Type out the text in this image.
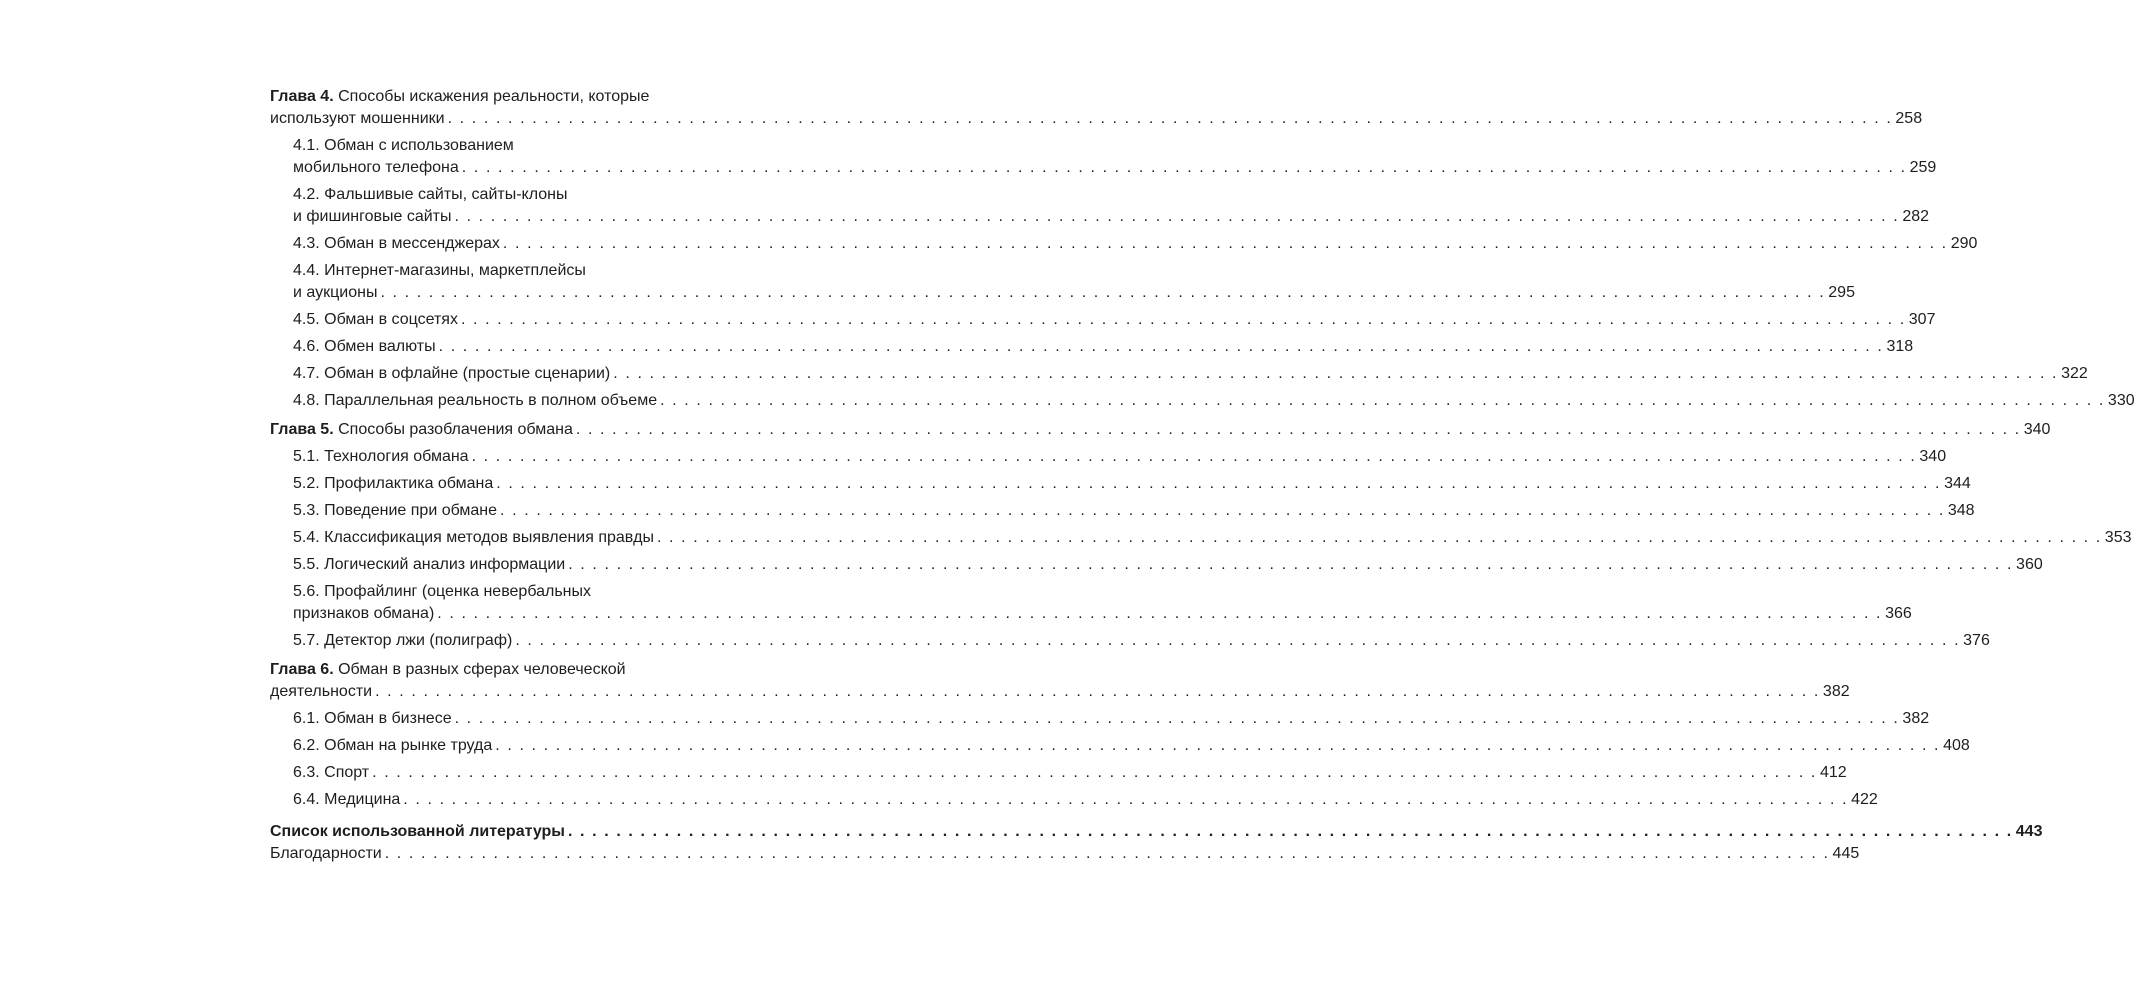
Глава 4. Способы искажения реальности, которые
используют мошенники . . . . . . . . . . . . . . . . . . . . . . . . . . . . . . . . . . . . . . . . . . . . . . . . . . . . . . . . . . . . . . . . . . . . . . . . . . . . . . . . . . . . . . . . . . . . . . . . . . . . . . . . . . . . . . . . . . . . . . . . 258
4.1. Обман с использованием
мобильного телефона . . . . . . . . . . . . . . . . . . . . . . . . . . . . . . . . . . . . . . . . . . . . . . . . . . . . . . . . . . . . . . . . . . . . . . . . . . . . . . . . . . . . . . . . . . . . . . . . . . . . . . . . . . . . . . . . . . . . . . . . 259
4.2. Фальшивые сайты, сайты-клоны
и фишинговые сайты . . . . . . . . . . . . . . . . . . . . . . . . . . . . . . . . . . . . . . . . . . . . . . . . . . . . . . . . . . . . . . . . . . . . . . . . . . . . . . . . . . . . . . . . . . . . . . . . . . . . . . . . . . . . . . . . . . . . . . . . 282
4.3. Обман в мессенджерах . . . . . . . . . . . . . . . . . . . . . . . . . . . . . . . . . . . . . . . . . . . . . . . . . . . . . . . . . . . . . . . . . . . . . . . . . . . . . . . . . . . . . . . . . . . . . . . . . . . . . . . . . . . . . . . . . . . . . . . . 290
4.4. Интернет-магазины, маркетплейсы
и аукционы . . . . . . . . . . . . . . . . . . . . . . . . . . . . . . . . . . . . . . . . . . . . . . . . . . . . . . . . . . . . . . . . . . . . . . . . . . . . . . . . . . . . . . . . . . . . . . . . . . . . . . . . . . . . . . . . . . . . . . . . 295
4.5. Обман в соцсетях . . . . . . . . . . . . . . . . . . . . . . . . . . . . . . . . . . . . . . . . . . . . . . . . . . . . . . . . . . . . . . . . . . . . . . . . . . . . . . . . . . . . . . . . . . . . . . . . . . . . . . . . . . . . . . . . . . . . . . . . 307
4.6. Обмен валюты . . . . . . . . . . . . . . . . . . . . . . . . . . . . . . . . . . . . . . . . . . . . . . . . . . . . . . . . . . . . . . . . . . . . . . . . . . . . . . . . . . . . . . . . . . . . . . . . . . . . . . . . . . . . . . . . . . . . . . . . 318
4.7. Обман в офлайне (простые сценарии) . . . . . . . . . . . . . . . . . . . . . . . . . . . . . . . . . . . . . . . . . . . . . . . . . . . . . . . . . . . . . . . . . . . . . . . . . . . . . . . . . . . . . . . . . . . . . . . . . . . . . . . . . . . . . . . . . . . . . . . . 322
4.8. Параллельная реальность в полном объеме . . . . . . . . . . . . . . . . . . . . . . . . . . . . . . . . . . . . . . . . . . . . . . . . . . . . . . . . . . . . . . . . . . . . . . . . . . . . . . . . . . . . . . . . . . . . . . . . . . . . . . . . . . . . . . . . . . . . . . . . 330
Глава 5. Способы разоблачения обмана . . . . . . . . . . . . . . . . . . . . . . . . . . . . . . . . . . . . . . . . . . . . . . . . . . . . . . . . . . . . . . . . . . . . . . . . . . . . . . . . . . . . . . . . . . . . . . . . . . . . . . . . . . . . . . . . . . . . . . . . 340
5.1. Технология обмана . . . . . . . . . . . . . . . . . . . . . . . . . . . . . . . . . . . . . . . . . . . . . . . . . . . . . . . . . . . . . . . . . . . . . . . . . . . . . . . . . . . . . . . . . . . . . . . . . . . . . . . . . . . . . . . . . . . . . . . . 340
5.2. Профилактика обмана . . . . . . . . . . . . . . . . . . . . . . . . . . . . . . . . . . . . . . . . . . . . . . . . . . . . . . . . . . . . . . . . . . . . . . . . . . . . . . . . . . . . . . . . . . . . . . . . . . . . . . . . . . . . . . . . . . . . . . . . 344
5.3. Поведение при обмане . . . . . . . . . . . . . . . . . . . . . . . . . . . . . . . . . . . . . . . . . . . . . . . . . . . . . . . . . . . . . . . . . . . . . . . . . . . . . . . . . . . . . . . . . . . . . . . . . . . . . . . . . . . . . . . . . . . . . . . . 348
5.4. Классификация методов выявления правды . . . . . . . . . . . . . . . . . . . . . . . . . . . . . . . . . . . . . . . . . . . . . . . . . . . . . . . . . . . . . . . . . . . . . . . . . . . . . . . . . . . . . . . . . . . . . . . . . . . . . . . . . . . . . . . . . . . . . . . . 353
5.5. Логический анализ информации . . . . . . . . . . . . . . . . . . . . . . . . . . . . . . . . . . . . . . . . . . . . . . . . . . . . . . . . . . . . . . . . . . . . . . . . . . . . . . . . . . . . . . . . . . . . . . . . . . . . . . . . . . . . . . . . . . . . . . . . 360
5.6. Профайлинг (оценка невербальных
признаков обмана) . . . . . . . . . . . . . . . . . . . . . . . . . . . . . . . . . . . . . . . . . . . . . . . . . . . . . . . . . . . . . . . . . . . . . . . . . . . . . . . . . . . . . . . . . . . . . . . . . . . . . . . . . . . . . . . . . . . . . . . . 366
5.7. Детектор лжи (полиграф) . . . . . . . . . . . . . . . . . . . . . . . . . . . . . . . . . . . . . . . . . . . . . . . . . . . . . . . . . . . . . . . . . . . . . . . . . . . . . . . . . . . . . . . . . . . . . . . . . . . . . . . . . . . . . . . . . . . . . . . . 376
Глава 6. Обман в разных сферах человеческой
деятельности . . . . . . . . . . . . . . . . . . . . . . . . . . . . . . . . . . . . . . . . . . . . . . . . . . . . . . . . . . . . . . . . . . . . . . . . . . . . . . . . . . . . . . . . . . . . . . . . . . . . . . . . . . . . . . . . . . . . . . . . 382
6.1. Обман в бизнесе . . . . . . . . . . . . . . . . . . . . . . . . . . . . . . . . . . . . . . . . . . . . . . . . . . . . . . . . . . . . . . . . . . . . . . . . . . . . . . . . . . . . . . . . . . . . . . . . . . . . . . . . . . . . . . . . . . . . . . . . 382
6.2. Обман на рынке труда . . . . . . . . . . . . . . . . . . . . . . . . . . . . . . . . . . . . . . . . . . . . . . . . . . . . . . . . . . . . . . . . . . . . . . . . . . . . . . . . . . . . . . . . . . . . . . . . . . . . . . . . . . . . . . . . . . . . . . . . 408
6.3. Спорт . . . . . . . . . . . . . . . . . . . . . . . . . . . . . . . . . . . . . . . . . . . . . . . . . . . . . . . . . . . . . . . . . . . . . . . . . . . . . . . . . . . . . . . . . . . . . . . . . . . . . . . . . . . . . . . . . . . . . . . . 412
6.4. Медицина . . . . . . . . . . . . . . . . . . . . . . . . . . . . . . . . . . . . . . . . . . . . . . . . . . . . . . . . . . . . . . . . . . . . . . . . . . . . . . . . . . . . . . . . . . . . . . . . . . . . . . . . . . . . . . . . . . . . . . . . 422
Список использованной литературы . . . . . . . . . . . . . . . . . . . . . . . . . . . . . . . . . . . . . . . . . . . . . . . . . . . . . . . . . . . . . . . . . . . . . . . . . . . . . . . . . . . . . . . . . . . . . . . . . . . . . . . . . . . . . . . . . . . . . . . . 443
Благодарности . . . . . . . . . . . . . . . . . . . . . . . . . . . . . . . . . . . . . . . . . . . . . . . . . . . . . . . . . . . . . . . . . . . . . . . . . . . . . . . . . . . . . . . . . . . . . . . . . . . . . . . . . . . . . . . . . . . . . . . . 445
